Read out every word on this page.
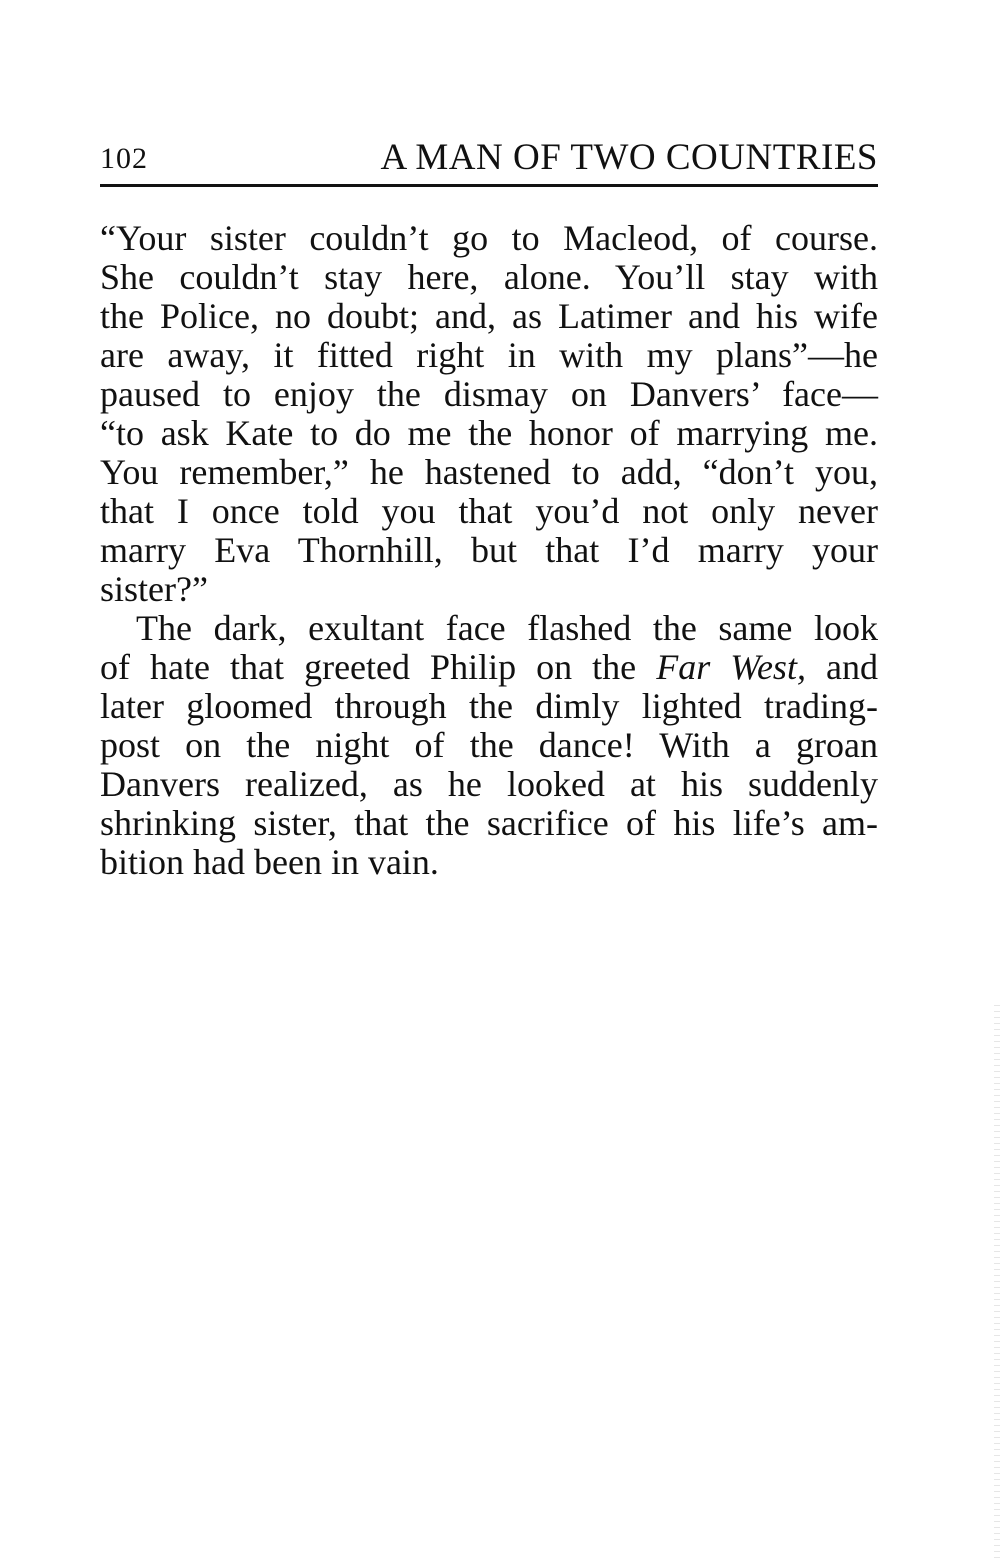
102	A MAN OF TWO COUNTRIES
“Your sister couldn’t go to Macleod, of course.
She couldn’t stay here, alone. You’ll stay with
the Police, no doubt; and, as Latimer and his wife
are away, it fitted right in with my plans”—he
paused to enjoy the dismay on Danvers’ face—
“to ask Kate to do me the honor of marrying me.
You remember,” he hastened to add, “don’t you,
that I once told you that you’d not only never
marry Eva Thornhill, but that I’d marry your
sister?”
The dark, exultant face flashed the same look
of hate that greeted Philip on the Far West, and
later gloomed through the dimly lighted trading-
post on the night of the dance! With a groan
Danvers realized, as he looked at his suddenly
shrinking sister, that the sacrifice of his life’s am-
bition had been in vain.
